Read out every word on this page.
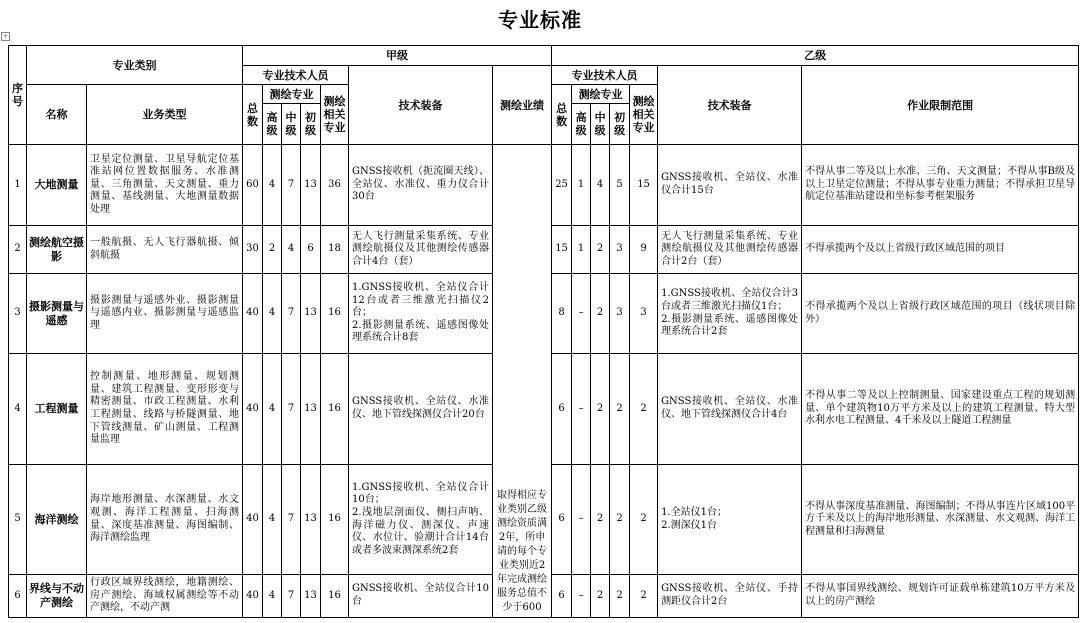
专业标准
+
序号	专业类别		甲级							乙级						
			专业技术人员					技术装备	测绘业绩	专业技术人员					技术装备	作业限制范围
	名称	业务类型	总数	测绘专业			测绘相关专业			总数	测绘专业			测绘相关专业		
				高级	中级	初级					高级	中级	初级			
1	大地测量	卫星定位测量、卫星导航定位基准站网位置数据服务、水准测量、三角测量、天文测量、重力测量、基线测量、大地测量数据处理	60	4	7	13	36	GNSS接收机（扼流圈天线）、全站仪、水准仪、重力仪合计30台	取得相应专业类别乙级测绘资质满2年，所申请的每个专业类别近2年完成测绘服务总值不少于600	25	1	4	5	15	GNSS接收机、全站仪、水准仪合计15台	不得从事二等及以上水准、三角、天文测量；不得从事B级及以上卫星定位测量；不得从事专业重力测量；不得承担卫星导航定位基准站建设和坐标参考框架服务
2	测绘航空摄影	一般航摄、无人飞行器航摄、倾斜航摄	30	2	4	6	18	无人飞行测量采集系统、专业测绘航摄仪及其他测绘传感器合计4台（套）		15	1	2	3	9	无人飞行测量采集系统、专业测绘航摄仪及其他测绘传感器合计2台（套）	不得承揽两个及以上省级行政区域范围的项目
3	摄影测量与遥感	摄影测量与遥感外业、摄影测量与遥感内业、摄影测量与遥感监理	40	4	7	13	16	1.GNSS接收机、全站仪合计12台或者三维激光扫描仪2台；
2.摄影测量系统、遥感图像处理系统合计8套		8	–	2	3	3	1.GNSS接收机、全站仪合计3台或者三维激光扫描仪1台；
2.摄影测量系统、遥感图像处理系统合计2套	不得承揽两个及以上省级行政区域范围的项目（线状项目除外）
4	工程测量	控制测量、地形测量、规划测量、建筑工程测量、变形形变与精密测量、市政工程测量、水利工程测量、线路与桥隧测量、地下管线测量、矿山测量、工程测量监理	40	4	7	13	16	GNSS接收机、全站仪、水准仪、地下管线探测仪合计20台		6	–	2	2	2	GNSS接收机、全站仪、水准仪、地下管线探测仪合计4台	不得从事二等及以上控制测量、国家建设重点工程的规划测量、单个建筑物10万平方米及以上的建筑工程测量、特大型水利水电工程测量、4千米及以上隧道工程测量
5	海洋测绘	海岸地形测量、水深测量、水文观测、海洋工程测量、扫海测量、深度基准测量、海图编制、海洋测绘监理	40	4	7	13	16	1.GNSS接收机、全站仪合计10台；
2.浅地层剖面仪、侧扫声呐、海洋磁力仪、测深仪、声速仪、水位计、验潮计合计14台或者多波束测深系统2套		6	–	2	2	2	1.全站仪1台；
2.测深仪1台	不得从事深度基准测量、海图编制；不得从事连片区域100平方千米及以上的海岸地形测量、水深测量、水文观测、海洋工程测量和扫海测量
6	界线与不动产测绘	行政区域界线测绘，地籍测绘、房产测绘、海域权属测绘等不动产测绘，不动产测	40	4	7	13	16	GNSS接收机、全站仪合计10台		6	–	2	2	2	GNSS接收机、全站仪、手持测距仪合计2台	不得从事国界线测绘、规划许可证载单栋建筑10万平方米及以上的房产测绘
